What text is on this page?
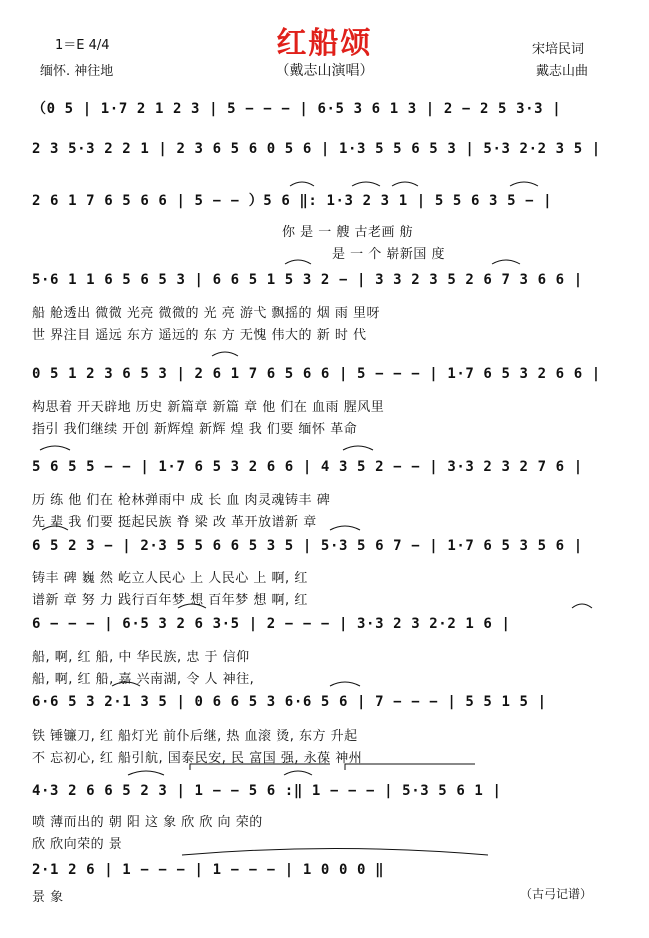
1＝E 4/4
缅怀. 神往地
红船颂
（戴志山演唱）
宋培民词
戴志山曲
（0 5 | 1·7 2 1 2 3 | 5 − − − | 6·5 3 6 1 3 | 2 − 2 5 3·3 |
2 3 5·3 2 2 1 | 2 3 6 5 6 0 5 6 | 1·3 5 5 6 5 3 | 5·3 2·2 3 5 |
2 6 1 7 6 5 6 6 | 5 − − ）5 6 ‖: 1·3 2 3 1 | 5 5 6 3 5 − |
你 是 一 艘 古老画 舫
是 一 个 崭新国 度
5·6 1 1 6 5 6 5 3 | 6 6 5 1 5 3 2 − | 3 3 2 3 5 2 6 7 3 6 6 |
船 舱透出 微微 光亮 微微的 光 亮 游弋 飘摇的 烟 雨 里呀
世 界注目 遥远 东方 遥远的 东 方 无愧 伟大的 新 时 代
0 5 1 2 3 6 5 3 | 2 6 1 7 6 5 6 6 | 5 − − − | 1·7 6 5 3 2 6 6 |
构思着 开天辟地 历史 新篇章 新篇 章 他 们在 血雨 腥风里
指引 我们继续 开创 新辉煌 新辉 煌 我 们要 缅怀 革命
5 6 5 5 − − | 1·7 6 5 3 2 6 6 | 4 3 5 2 − − | 3·3 2 3 2 7 6 |
历 练 他 们在 枪林弹雨中 成 长 血 肉灵魂铸丰 碑
先 辈 我 们要 挺起民族 脊 梁 改 革开放谱新 章
6 5 2 3 − | 2·3 5 5 6 6 5 3 5 | 5·3 5 6 7 − | 1·7 6 5 3 5 6 |
铸丰 碑 巍 然 屹立人民心 上 人民心 上 啊, 红
谱新 章 努 力 践行百年梦 想 百年梦 想 啊, 红
6 − − − | 6·5 3 2 6 3·5 | 2 − − − | 3·3 2 3 2·2 1 6 |
船, 啊, 红 船, 中 华民族, 忠 于 信仰
船, 啊, 红 船, 嘉 兴南湖, 令 人 神往,
6·6 5 3 2·1 3 5 | 0 6 6 5 3 6·6 5 6 | 7 − − − | 5 5 1 5 |
铁 锤镰刀, 红 船灯光 前仆后继, 热 血滚 烫, 东方 升起
不 忘初心, 红 船引航, 国泰民安, 民 富国 强, 永葆 神州
4·3 2 6 6 5 2 3 | 1 − − 5 6 :‖ 1 − − − | 5·3 5 6 1 |
喷 薄而出的 朝 阳 这 象 欣 欣 向 荣的
欣 欣向荣的 景
2·1 2 6 | 1 − − − | 1 − − − | 1 0 0 0 ‖
景 象	（古弓记谱）
